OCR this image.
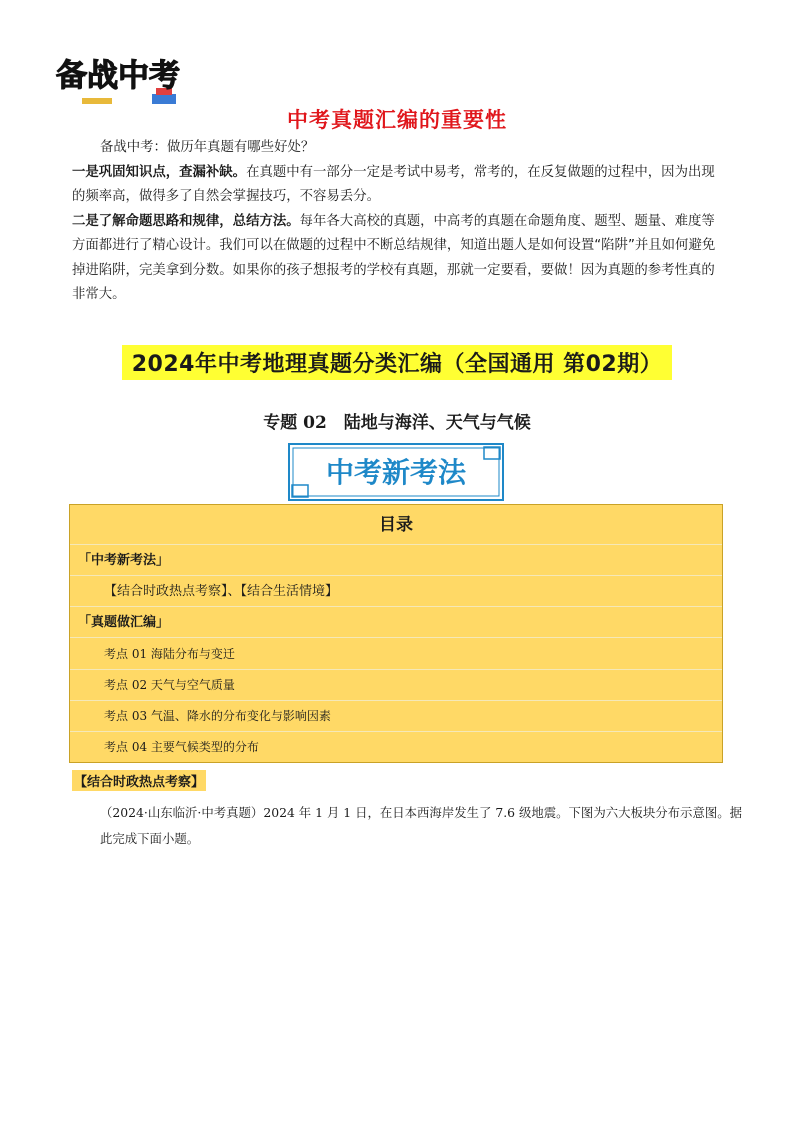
备战中考
中考真题汇编的重要性

备战中考：做历年真题有哪些好处？

一是巩固知识点，查漏补缺。在真题中有一部分一定是考试中易考，常考的，在反复做题的过程中，因为出现的频率高，做得多了自然会掌握技巧，不容易丢分。

二是了解命题思路和规律，总结方法。每年各大高校的真题，中高考的真题在命题角度、题型、题量、难度等方面都进行了精心设计。我们可以在做题的过程中不断总结规律，知道出题人是如何设置“陷阱”并且如何避免掉进陷阱，完美拿到分数。如果你的孩子想报考的学校有真题，那就一定要看，要做！因为真题的参考性真的非常大。

2024年中考地理真题分类汇编（全国通用 第02期）
专题 02　陆地与海洋、天气与气候
中考新考法
目录
「中考新考法」
【结合时政热点考察】、【结合生活情境】
「真题做汇编」
考点 01 海陆分布与变迁
考点 02 天气与空气质量
考点 03 气温、降水的分布变化与影响因素
考点 04 主要气候类型的分布
【结合时政热点考察】
（2024·山东临沂·中考真题）2024 年 1 月 1 日，在日本西海岸发生了 7.6 级地震。下图为六大板块分布示意图。据此完成下面小题。
